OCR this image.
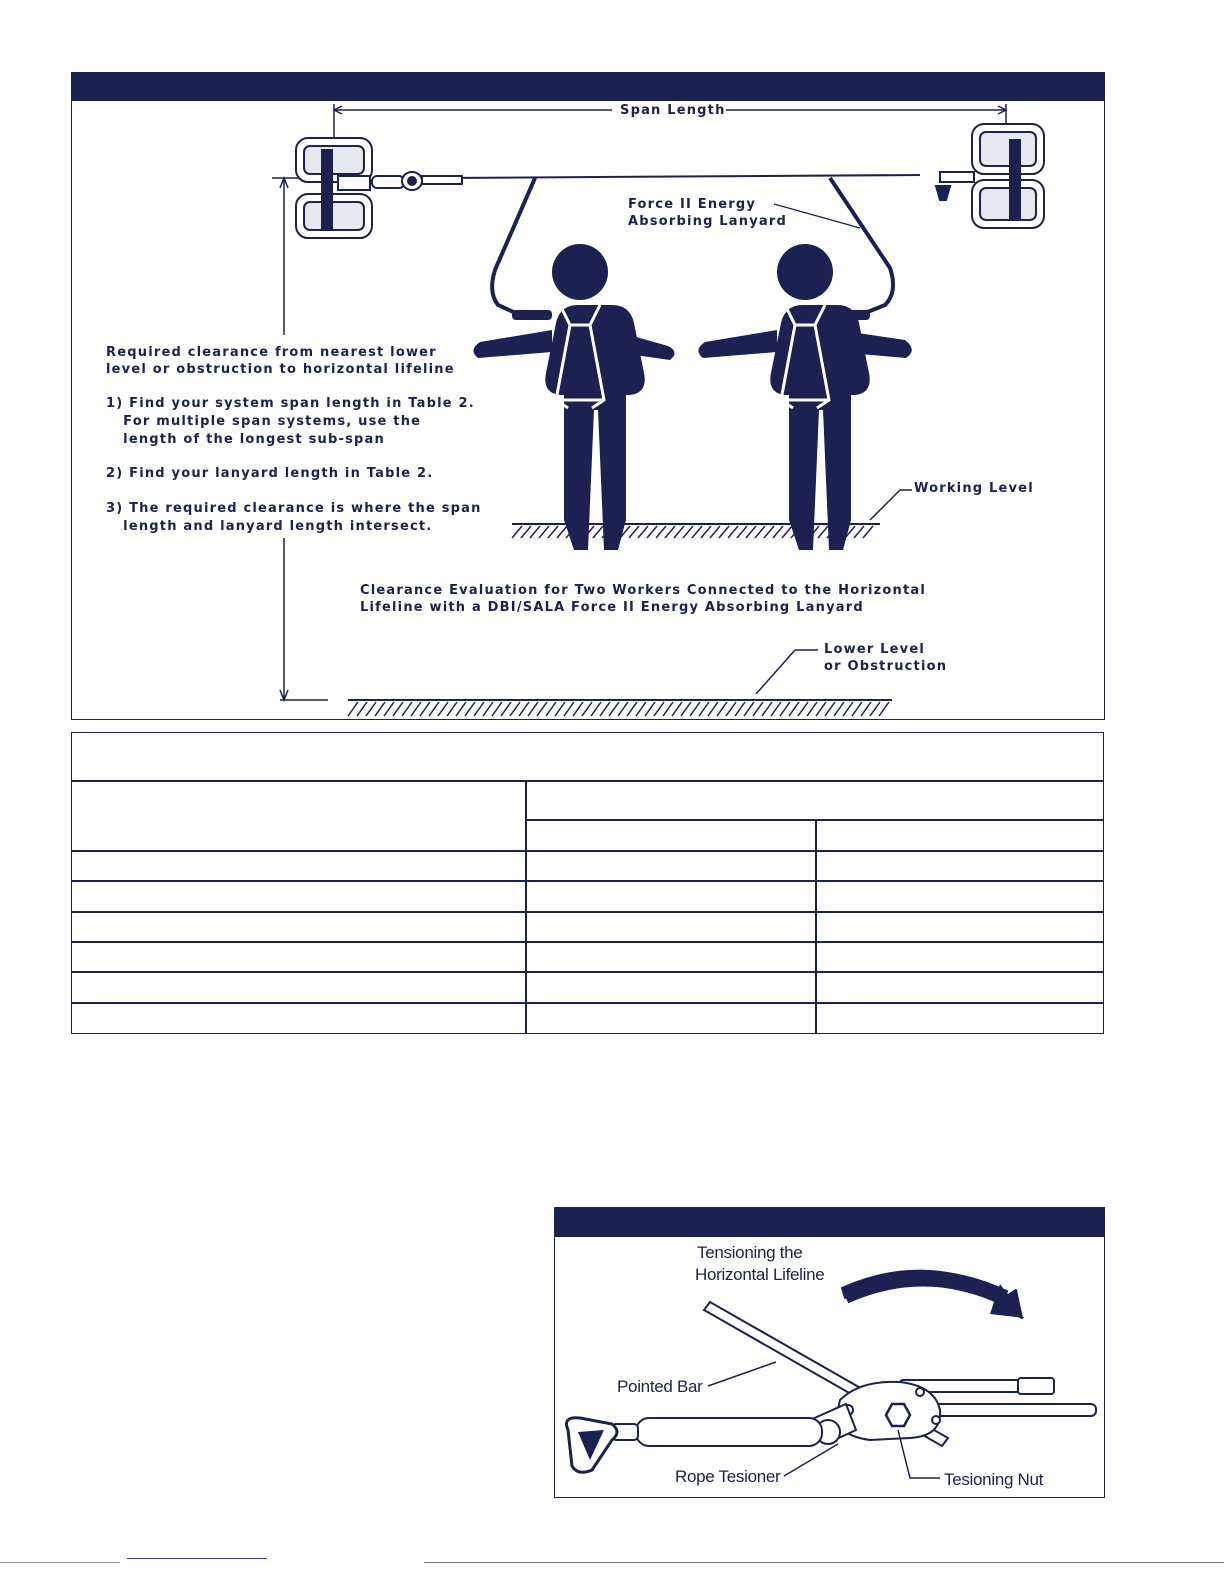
Span Length
Force II Energy
Absorbing Lanyard
Working Level
Required clearance from nearest lower
level or obstruction to horizontal lifeline
1) Find your system span length in Table 2.
For multiple span systems, use the
length of the longest sub-span
2) Find your lanyard length in Table 2.
3) The required clearance is where the span
length and lanyard length intersect.
Clearance Evaluation for Two Workers Connected to the Horizontal
Lifeline with a DBI/SALA Force II Energy Absorbing Lanyard
Lower Level
or Obstruction
Tensioning the
Horizontal Lifeline
Pointed Bar
Rope Tesioner	Tesioning Nut
